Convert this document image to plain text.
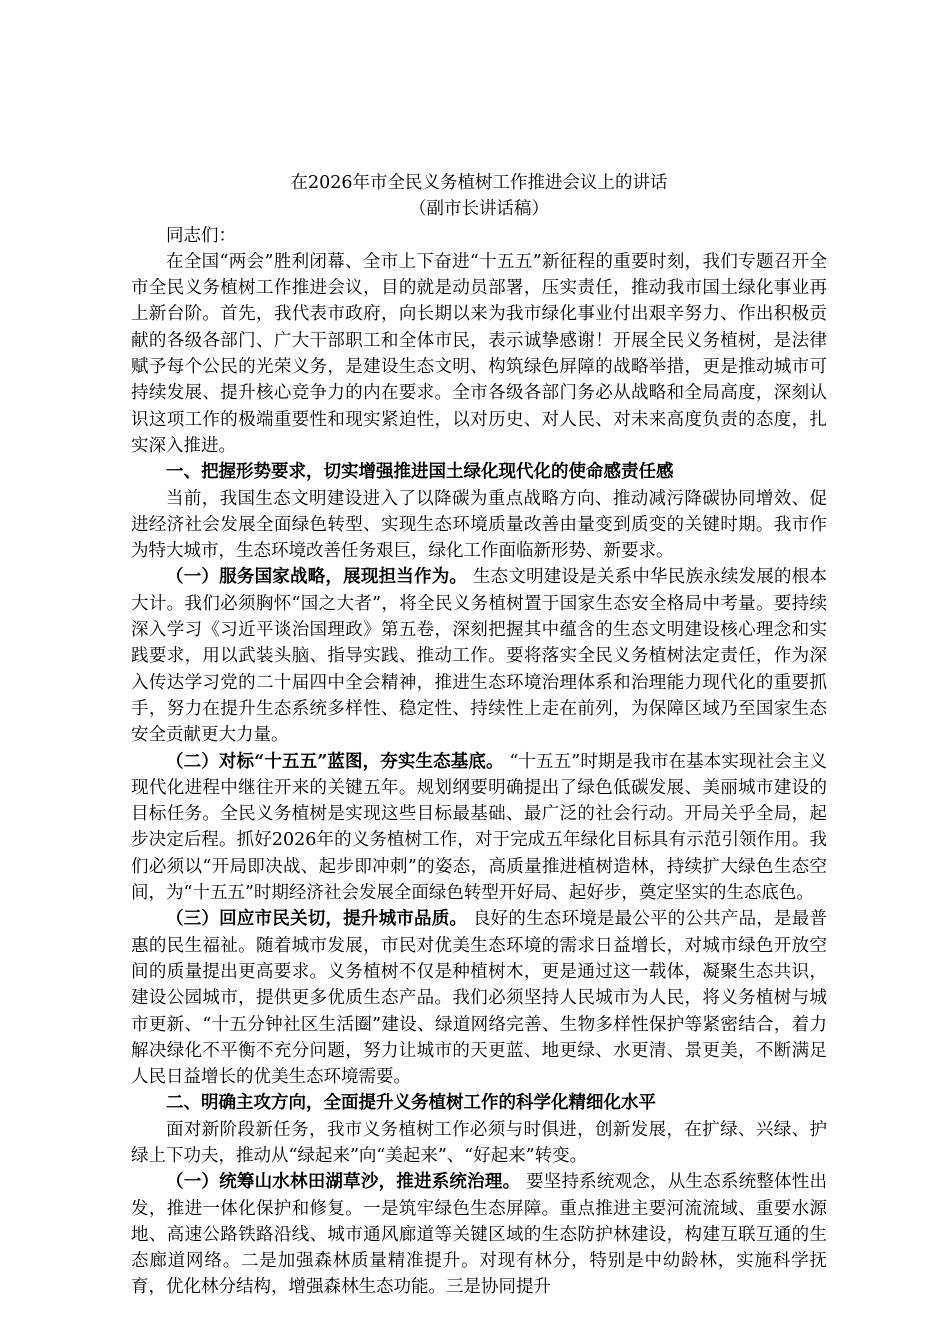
在2026年市全民义务植树工作推进会议上的讲话

（副市长讲话稿）

同志们：

在全国“两会”胜利闭幕、全市上下奋进“十五五”新征程的重要时刻，我们专题召开全市全民义务植树工作推进会议，目的就是动员部署，压实责任，推动我市国土绿化事业再上新台阶。首先，我代表市政府，向长期以来为我市绿化事业付出艰辛努力、作出积极贡献的各级各部门、广大干部职工和全体市民，表示诚挚感谢！开展全民义务植树，是法律赋予每个公民的光荣义务，是建设生态文明、构筑绿色屏障的战略举措，更是推动城市可持续发展、提升核心竞争力的内在要求。全市各级各部门务必从战略和全局高度，深刻认识这项工作的极端重要性和现实紧迫性，以对历史、对人民、对未来高度负责的态度，扎实深入推进。

一、把握形势要求，切实增强推进国土绿化现代化的使命感责任感

当前，我国生态文明建设进入了以降碳为重点战略方向、推动减污降碳协同增效、促进经济社会发展全面绿色转型、实现生态环境质量改善由量变到质变的关键时期。我市作为特大城市，生态环境改善任务艰巨，绿化工作面临新形势、新要求。

（一）服务国家战略，展现担当作为。 生态文明建设是关系中华民族永续发展的根本大计。我们必须胸怀“国之大者”，将全民义务植树置于国家生态安全格局中考量。要持续深入学习《习近平谈治国理政》第五卷，深刻把握其中蕴含的生态文明建设核心理念和实践要求，用以武装头脑、指导实践、推动工作。要将落实全民义务植树法定责任，作为深入传达学习党的二十届四中全会精神，推进生态环境治理体系和治理能力现代化的重要抓手，努力在提升生态系统多样性、稳定性、持续性上走在前列，为保障区域乃至国家生态安全贡献更大力量。

（二）对标“十五五”蓝图，夯实生态基底。 “十五五”时期是我市在基本实现社会主义现代化进程中继往开来的关键五年。规划纲要明确提出了绿色低碳发展、美丽城市建设的目标任务。全民义务植树是实现这些目标最基础、最广泛的社会行动。开局关乎全局，起步决定后程。抓好2026年的义务植树工作，对于完成五年绿化目标具有示范引领作用。我们必须以“开局即决战、起步即冲刺”的姿态，高质量推进植树造林，持续扩大绿色生态空间，为“十五五”时期经济社会发展全面绿色转型开好局、起好步，奠定坚实的生态底色。

（三）回应市民关切，提升城市品质。 良好的生态环境是最公平的公共产品，是最普惠的民生福祉。随着城市发展，市民对优美生态环境的需求日益增长，对城市绿色开放空间的质量提出更高要求。义务植树不仅是种植树木，更是通过这一载体，凝聚生态共识，建设公园城市，提供更多优质生态产品。我们必须坚持人民城市为人民，将义务植树与城市更新、“十五分钟社区生活圈”建设、绿道网络完善、生物多样性保护等紧密结合，着力解决绿化不平衡不充分问题，努力让城市的天更蓝、地更绿、水更清、景更美，不断满足人民日益增长的优美生态环境需要。

二、明确主攻方向，全面提升义务植树工作的科学化精细化水平

面对新阶段新任务，我市义务植树工作必须与时俱进，创新发展，在扩绿、兴绿、护绿上下功夫，推动从“绿起来”向“美起来”、“好起来”转变。

（一）统筹山水林田湖草沙，推进系统治理。 要坚持系统观念，从生态系统整体性出发，推进一体化保护和修复。一是筑牢绿色生态屏障。重点推进主要河流流域、重要水源地、高速公路铁路沿线、城市通风廊道等关键区域的生态防护林建设，构建互联互通的生态廊道网络。二是加强森林质量精准提升。对现有林分，特别是中幼龄林，实施科学抚育，优化林分结构，增强森林生态功能。三是协同提升
